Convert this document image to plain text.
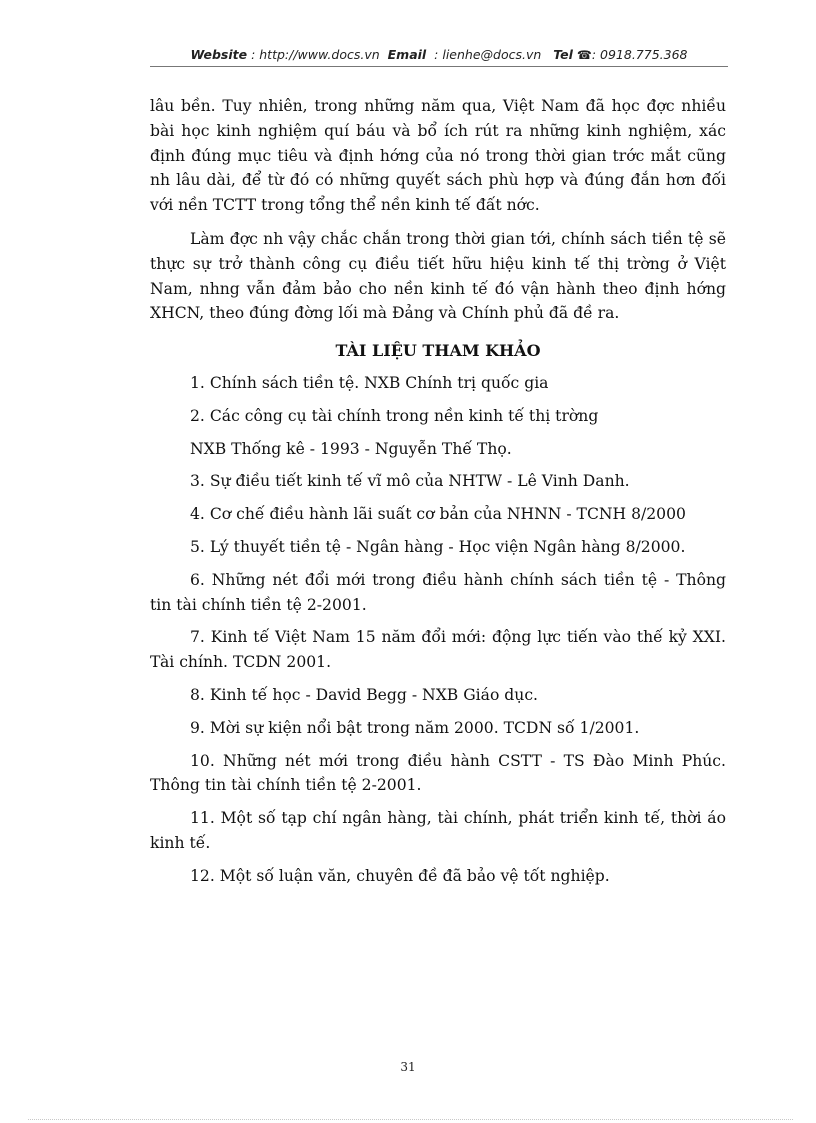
Website : http://www.docs.vn Email : lienhe@docs.vn Tel ☎: 0918.775.368

lâu bền. Tuy nhiên, trong những năm qua, Việt Nam đã học đợc nhiều bài học kinh nghiệm quí báu và bổ ích rút ra những kinh nghiệm, xác định đúng mục tiêu và định hớng của nó trong thời gian trớc mắt cũng nh lâu dài, để từ đó có những quyết sách phù hợp và đúng đắn hơn đối với nền TCTT trong tổng thể nền kinh tế đất nớc.

Làm đợc nh vậy chắc chắn trong thời gian tới, chính sách tiền tệ sẽ thực sự trở thành công cụ điều tiết hữu hiệu kinh tế thị trờng ở Việt Nam, nhng vẫn đảm bảo cho nền kinh tế đó vận hành theo định hớng XHCN, theo đúng đờng lối mà Đảng và Chính phủ đã đề ra.

TÀI LIỆU THAM KHẢO

1. Chính sách tiền tệ. NXB Chính trị quốc gia

2. Các công cụ tài chính trong nền kinh tế thị trờng

NXB Thống kê - 1993 - Nguyễn Thế Thọ.

3. Sự điều tiết kinh tế vĩ mô của NHTW - Lê Vinh Danh.

4. Cơ chế điều hành lãi suất cơ bản của NHNN - TCNH 8/2000

5. Lý thuyết tiền tệ - Ngân hàng - Học viện Ngân hàng 8/2000.

6. Những nét đổi mới trong điều hành chính sách tiền tệ - Thông tin tài chính tiền tệ 2-2001.

7. Kinh tế Việt Nam 15 năm đổi mới: động lực tiến vào thế kỷ XXI. Tài chính. TCDN 2001.

8. Kinh tế học - David Begg - NXB Giáo dục.

9. Mời sự kiện nổi bật trong năm 2000. TCDN số 1/2001.

10. Những nét mới trong điều hành CSTT - TS Đào Minh Phúc. Thông tin tài chính tiền tệ 2-2001.

11. Một số tạp chí ngân hàng, tài chính, phát triển kinh tế, thời áo kinh tế.

12. Một số luận văn, chuyên đề đã bảo vệ tốt nghiệp.

31
